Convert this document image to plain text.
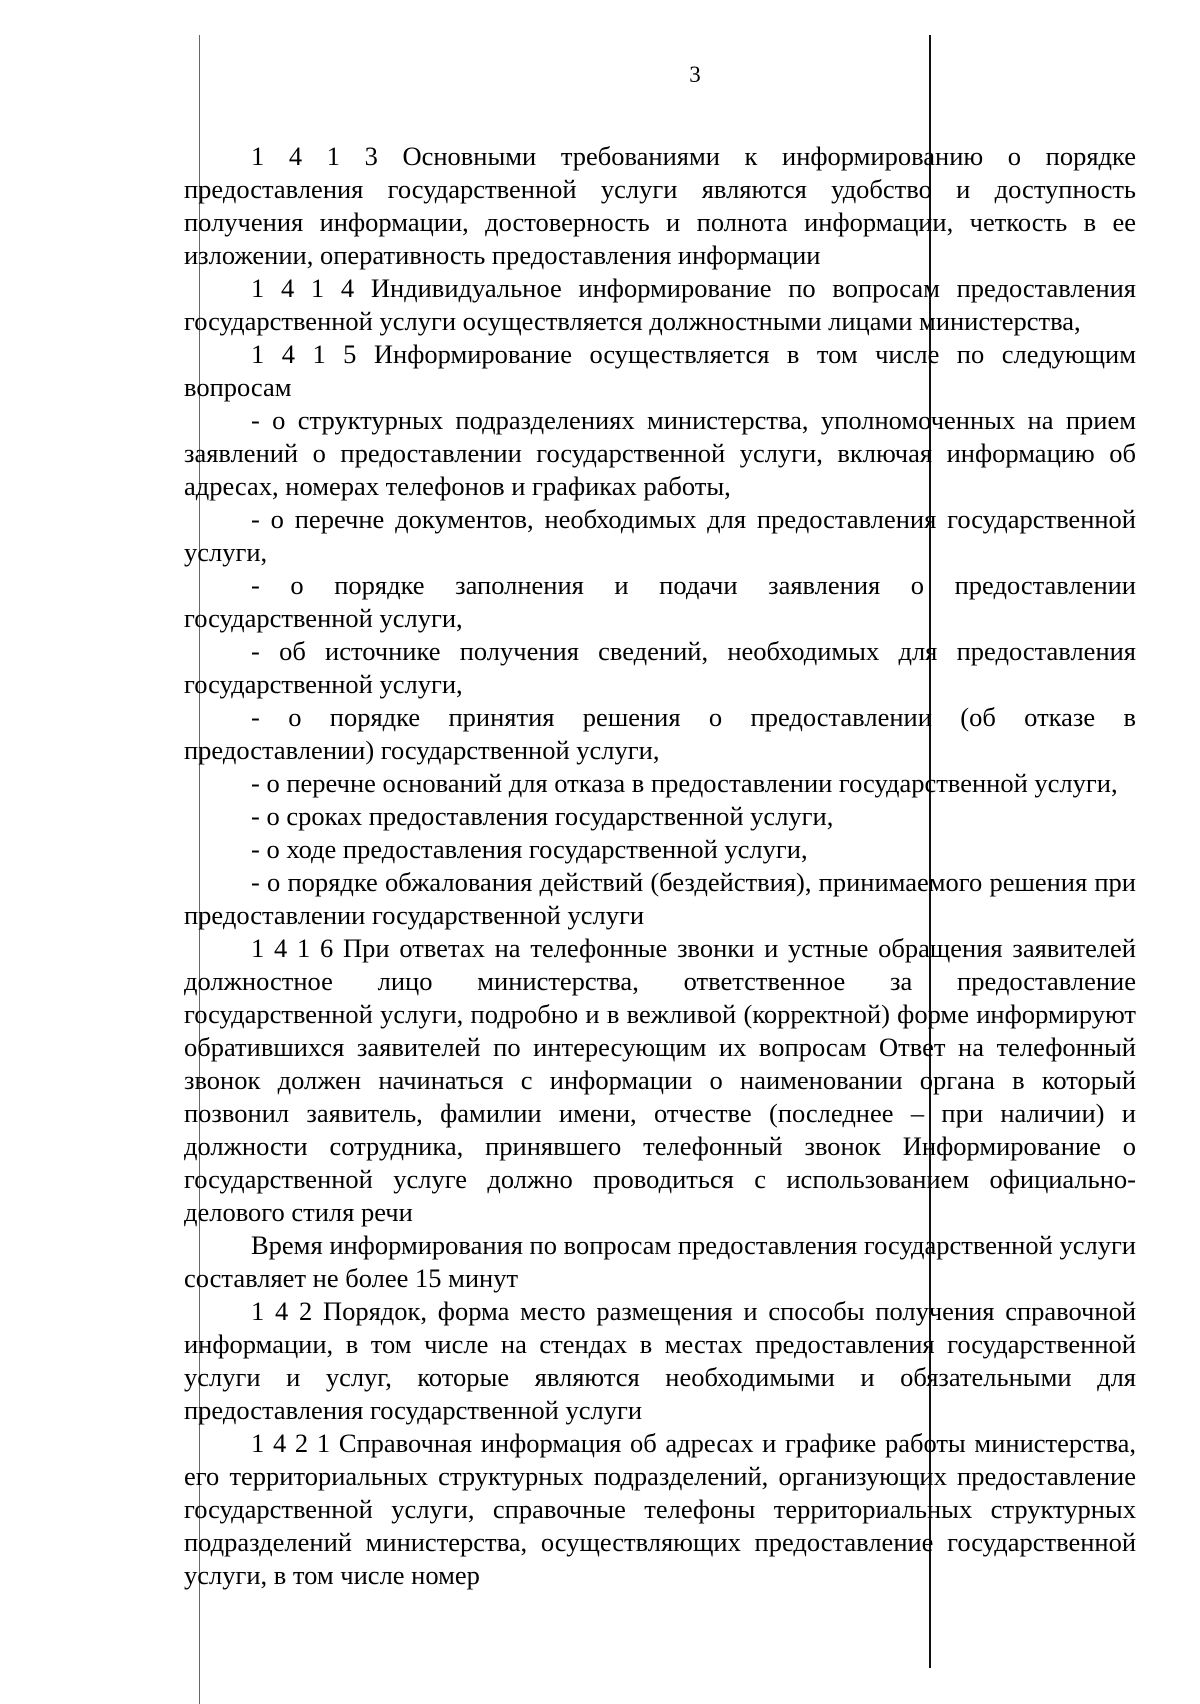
3

1 4 1 3 Основными требованиями к информированию о порядке предоставления государственной услуги являются удобство и доступность получения информации, достоверность и полнота информации, четкость в ее изложении, оперативность предоставления информации

1 4 1 4 Индивидуальное информирование по вопросам предоставления государственной услуги осуществляется должностными лицами министерства,

1 4 1 5 Информирование осуществляется в том числе по следующим вопросам

- о структурных подразделениях министерства, уполномоченных на прием заявлений о предоставлении государственной услуги, включая информацию об адресах, номерах телефонов и графиках работы,

- о перечне документов, необходимых для предоставления государственной услуги,

- о порядке заполнения и подачи заявления о предоставлении государственной услуги,

- об источнике получения сведений, необходимых для предоставления государственной услуги,

- о порядке принятия решения о предоставлении (об отказе в предоставлении) государственной услуги,

- о перечне оснований для отказа в предоставлении государственной услуги,

- о сроках предоставления государственной услуги,

- о ходе предоставления государственной услуги,

- о порядке обжалования действий (бездействия), принимаемого решения при предоставлении государственной услуги

1 4 1 6 При ответах на телефонные звонки и устные обращения заявителей должностное лицо министерства, ответственное за предоставление государственной услуги, подробно и в вежливой (корректной) форме информируют обратившихся заявителей по интересующим их вопросам Ответ на телефонный звонок должен начинаться с информации о наименовании органа в который позвонил заявитель, фамилии имени, отчестве (последнее – при наличии) и должности сотрудника, принявшего телефонный звонок Информирование о государственной услуге должно проводиться с использованием официально-делового стиля речи

Время информирования по вопросам предоставления государственной услуги составляет не более 15 минут

1 4 2 Порядок, форма место размещения и способы получения справочной информации, в том числе на стендах в местах предоставления государственной услуги и услуг, которые являются необходимыми и обязательными для предоставления государственной услуги

1 4 2 1 Справочная информация об адресах и графике работы министерства, его территориальных структурных подразделений, организующих предоставление государственной услуги, справочные телефоны территориальных структурных подразделений министерства, осуществляющих предоставление государственной услуги, в том числе номер
